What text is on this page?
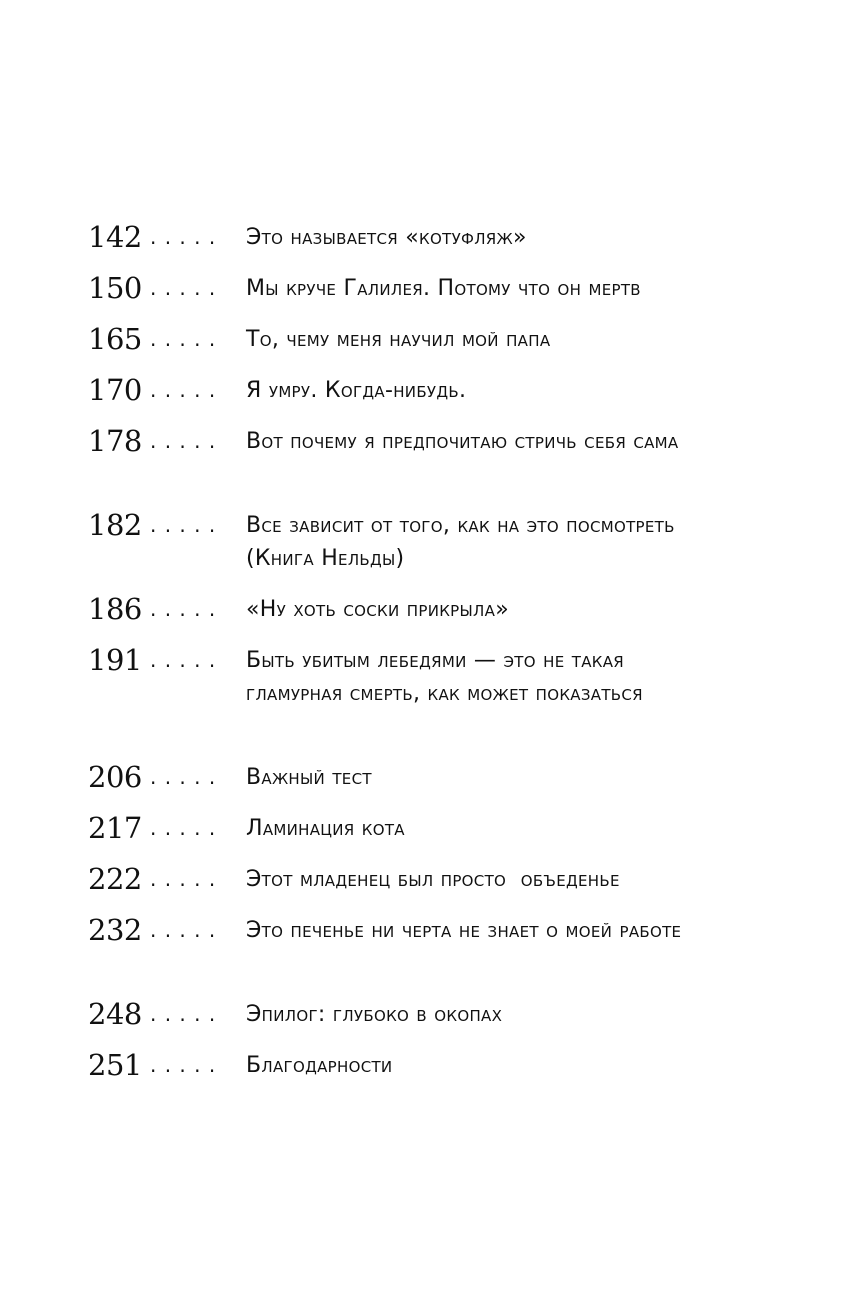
142 . . . . .	Это называется «котуфляж»
150 . . . . .	Мы круче Галилея. Потому что он мертв
165 . . . . .	То, чему меня научил мой папа
170 . . . . .	Я умру. Когда-нибудь.
178 . . . . .	Вот почему я предпочитаю стричь себя сама
182 . . . . .	Все зависит от того, как на это посмотреть (Книга Нельды)
186 . . . . .	«Ну хоть соски прикрыла»
191 . . . . .	Быть убитым лебедями — это не такая гламурная смерть, как может показаться
206 . . . . .	Важный тест
217 . . . . .	Ламинация кота
222 . . . . .	Этот младенец был просто  объеденье
232 . . . . .	Это печенье ни черта не знает о моей работе
248 . . . . .	Эпилог: глубоко в окопах
251 . . . . .	Благодарности
